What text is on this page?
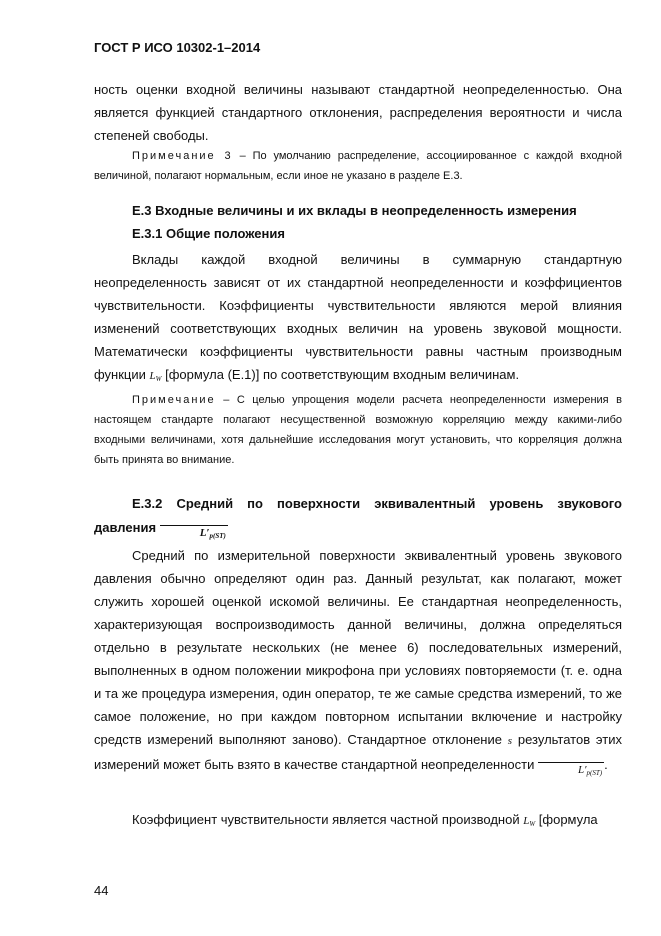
ГОСТ Р ИСО 10302-1–2014
ность оценки входной величины называют стандартной неопределенностью. Она является функцией стандартного отклонения, распределения вероятности и числа степеней свободы.
Примечание 3 – По умолчанию распределение, ассоциированное с каждой входной величиной, полагают нормальным, если иное не указано в разделе Е.3.
Е.3 Входные величины и их вклады в неопределенность измерения
Е.3.1 Общие положения
Вклады каждой входной величины в суммарную стандартную неопределенность зависят от их стандартной неопределенности и коэффициентов чувствительности. Коэффициенты чувствительности являются мерой влияния изменений соответствующих входных величин на уровень звуковой мощности. Математически коэффициенты чувствительности равны частным производным функции $L_W$ [формула (Е.1)] по соответствующим входным величинам.
Примечание – С целью упрощения модели расчета неопределенности измерения в настоящем стандарте полагают несущественной возможную корреляцию между какими-либо входными величинами, хотя дальнейшие исследования могут установить, что корреляция должна быть принята во внимание.
Е.3.2 Средний по поверхности эквивалентный уровень звукового давления	$L'_{p(ST)}$
Средний по измерительной поверхности эквивалентный уровень звукового давления обычно определяют один раз. Данный результат, как полагают, может служить хорошей оценкой искомой величины. Ее стандартная неопределенность, характеризующая воспроизводимость данной величины, должна определяться отдельно в результате нескольких (не менее 6) последовательных измерений, выполненных в одном положении микрофона при условиях повторяемости (т. е. одна и та же процедура измерения, один оператор, те же самые средства измерений, то же самое положение, но при каждом повторном испытании включение и настройку средств измерений выполняют заново). Стандартное отклонение s результатов этих измерений может быть взято в качестве стандартной неопределенности	$L'_{p(ST)}$.
Коэффициент чувствительности является частной производной $L_W$ [формула
44
